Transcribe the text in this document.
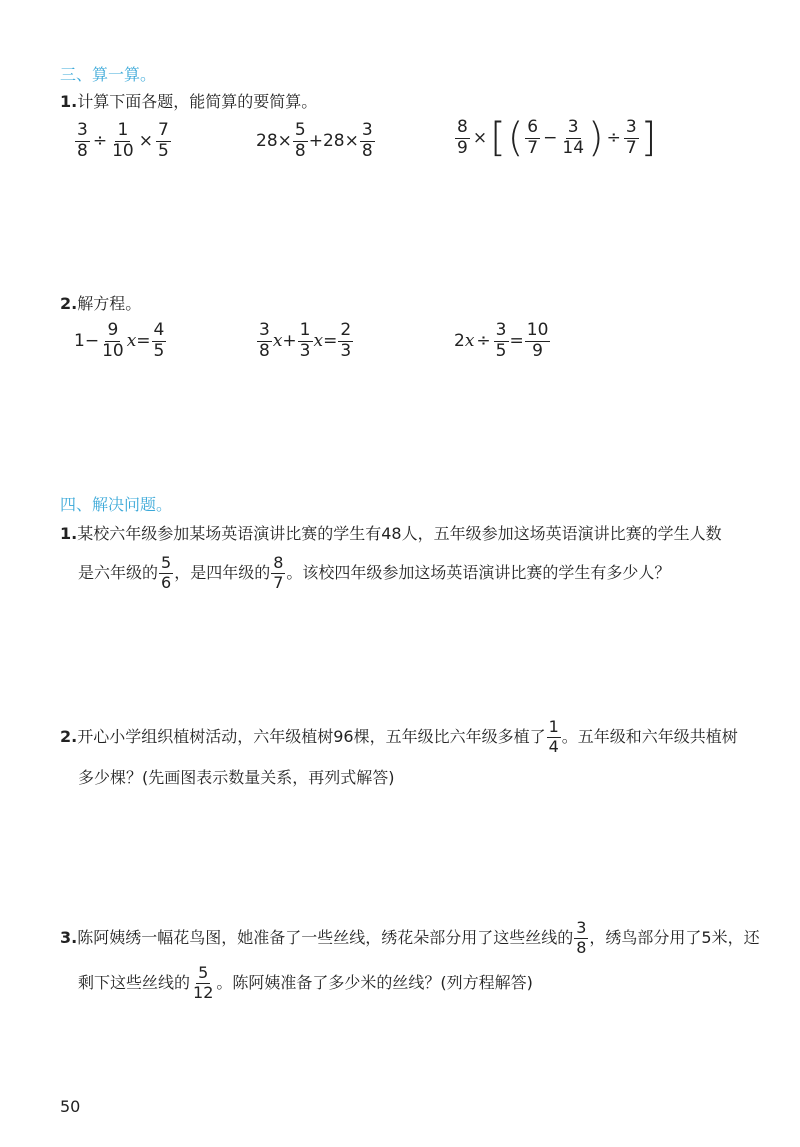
三、算一算。
1.计算下面各题，能简算的要简算。
$\frac{3}{8} \div \frac{1}{10} \times \frac{7}{5}$	$28\times \frac{5}{8} +28\times \frac{3}{8}$	$\frac{8}{9}$ × [ ( $\frac{6}{7} - \frac{3}{14}$ ) ÷ $\frac{3}{7}$ ]
2.解方程。
$1- \frac{9}{10}$ $x = \frac{4}{5}$	$\frac{3}{8}$ $x + \frac{1}{3}$ $x = \frac{2}{3}$	2 $x \div \frac{3}{5} = \frac{10}{9}$
四、解决问题。
1.某校六年级参加某场英语演讲比赛的学生有48人，五年级参加这场英语演讲比赛的学生人数
是六年级的 $\frac{5}{6}$ ，是四年级的 $\frac{8}{7}$ 。该校四年级参加这场英语演讲比赛的学生有多少人？
2. 开心小学组织植树活动，六年级植树96棵，五年级比六年级多植了 $\frac{1}{4}$ 。五年级和六年级共植树
多少棵？(先画图表示数量关系，再列式解答)
3. 陈阿姨绣一幅花鸟图，她准备了一些丝线，绣花朵部分用了这些丝线的 $\frac{3}{8}$ ，绣鸟部分用了5米，还
剩下这些丝线的 $\frac{5}{12}$ 。陈阿姨准备了多少米的丝线？(列方程解答)
50
